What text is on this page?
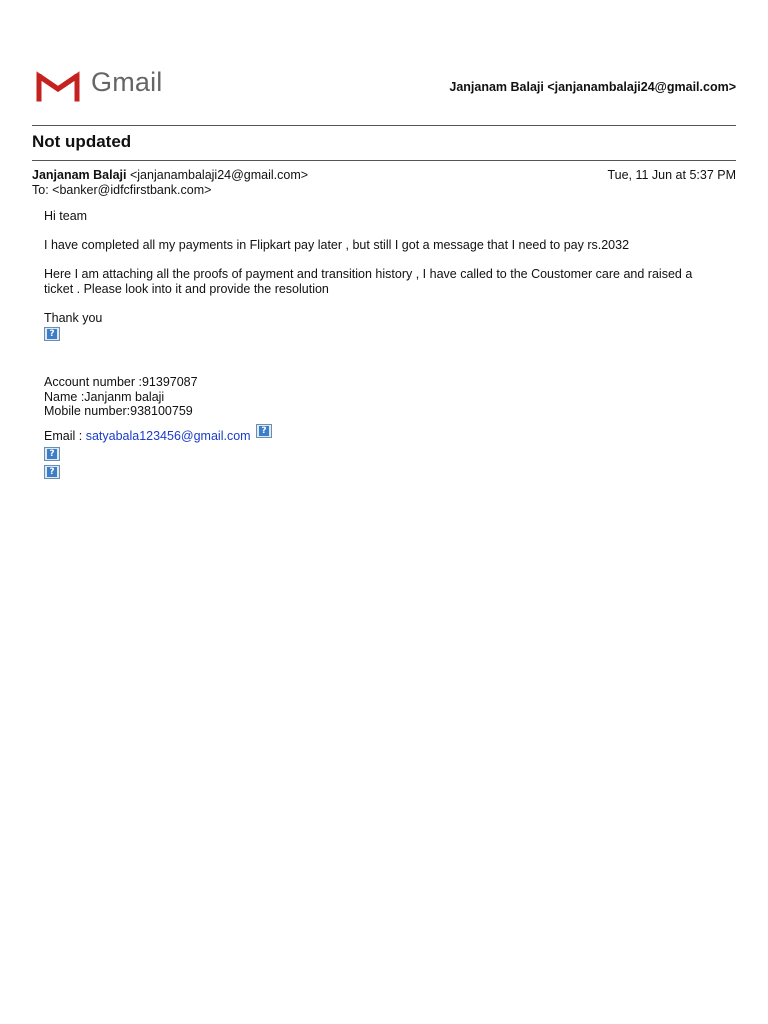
Gmail	Janjanam Balaji <janjanambalaji24@gmail.com>
Not updated
Janjanam Balaji <janjanambalaji24@gmail.com>	Tue, 11 Jun at 5:37 PM
To: <banker@idfcfirstbank.com>

Hi team

I have completed all my payments in Flipkart pay later , but still I got a message that I need to pay rs.2032

Here I am attaching all the proofs of payment and transition history , I have called to the Coustomer care and raised a ticket . Please look into it and provide the resolution

Thank you

?

Account number :91397087

Name :Janjanm balaji

Mobile number:938100759

Email : satyabala123456@gmail.com ?

?
?
